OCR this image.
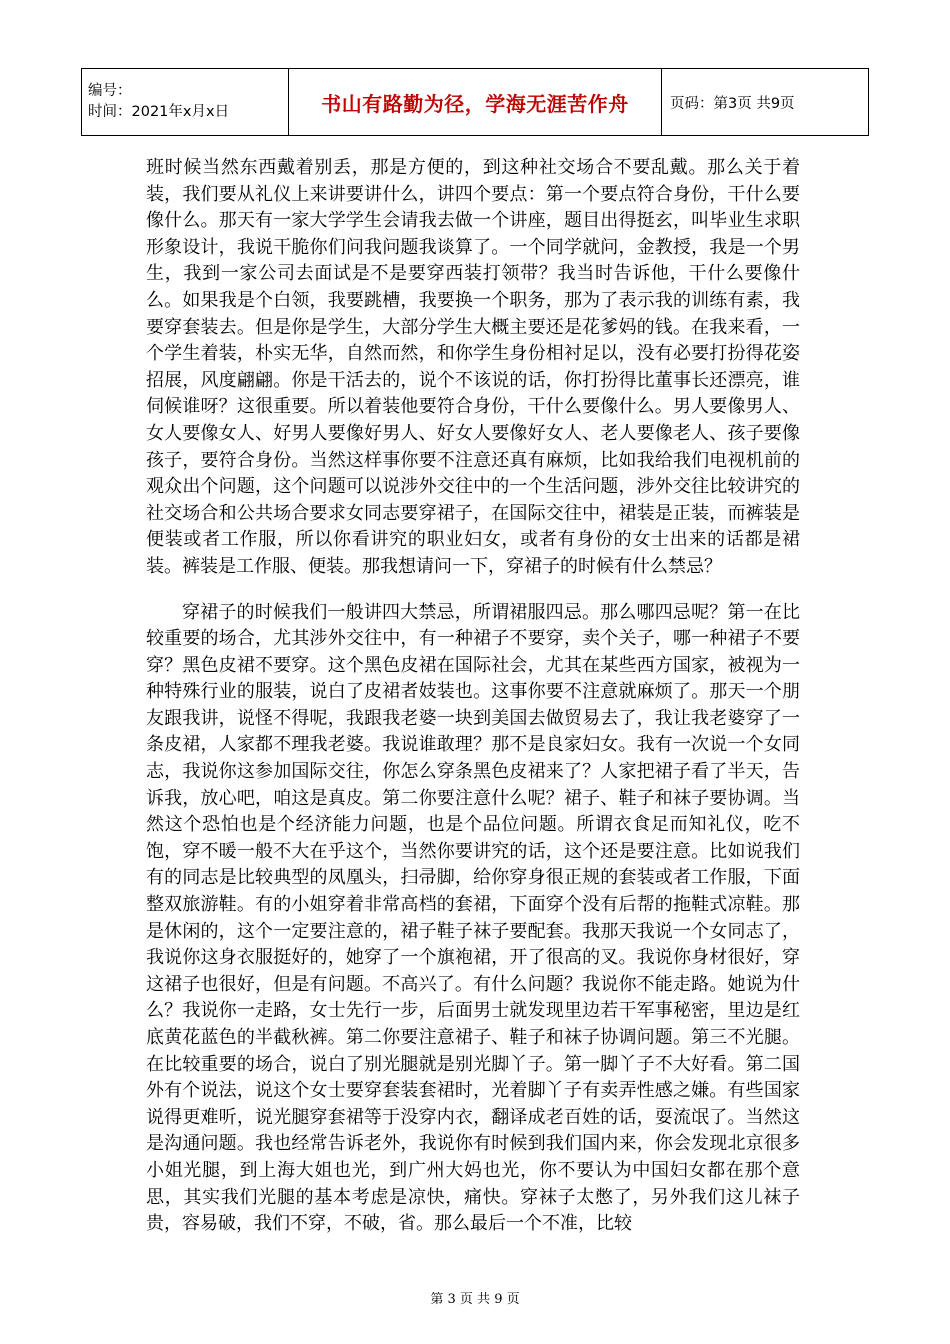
编号：
时间：2021年x月x日	书山有路勤为径，学海无涯苦作舟	页码：第3页 共9页

班时候当然东西戴着别丢，那是方便的，到这种社交场合不要乱戴。那么关于着装，我们要从礼仪上来讲要讲什么，讲四个要点：第一个要点符合身份，干什么要像什么。那天有一家大学学生会请我去做一个讲座，题目出得挺玄，叫毕业生求职形象设计，我说干脆你们问我问题我谈算了。一个同学就问，金教授，我是一个男生，我到一家公司去面试是不是要穿西装打领带？我当时告诉他，干什么要像什么。如果我是个白领，我要跳槽，我要换一个职务，那为了表示我的训练有素，我要穿套装去。但是你是学生，大部分学生大概主要还是花爹妈的钱。在我来看，一个学生着装，朴实无华，自然而然，和你学生身份相衬足以，没有必要打扮得花姿招展，风度翩翩。你是干活去的，说个不该说的话，你打扮得比董事长还漂亮，谁伺候谁呀？这很重要。所以着装他要符合身份，干什么要像什么。男人要像男人、女人要像女人、好男人要像好男人、好女人要像好女人、老人要像老人、孩子要像孩子，要符合身份。当然这样事你要不注意还真有麻烦，比如我给我们电视机前的观众出个问题，这个问题可以说涉外交往中的一个生活问题，涉外交往比较讲究的社交场合和公共场合要求女同志要穿裙子，在国际交往中，裙装是正装，而裤装是便装或者工作服，所以你看讲究的职业妇女，或者有身份的女士出来的话都是裙装。裤装是工作服、便装。那我想请问一下，穿裙子的时候有什么禁忌？

穿裙子的时候我们一般讲四大禁忌，所谓裙服四忌。那么哪四忌呢？第一在比较重要的场合，尤其涉外交往中，有一种裙子不要穿，卖个关子，哪一种裙子不要穿？黑色皮裙不要穿。这个黑色皮裙在国际社会，尤其在某些西方国家，被视为一种特殊行业的服装，说白了皮裙者妓装也。这事你要不注意就麻烦了。那天一个朋友跟我讲，说怪不得呢，我跟我老婆一块到美国去做贸易去了，我让我老婆穿了一条皮裙，人家都不理我老婆。我说谁敢理？那不是良家妇女。我有一次说一个女同志，我说你这参加国际交往，你怎么穿条黑色皮裙来了？人家把裙子看了半天，告诉我，放心吧，咱这是真皮。第二你要注意什么呢？裙子、鞋子和袜子要协调。当然这个恐怕也是个经济能力问题，也是个品位问题。所谓衣食足而知礼仪，吃不饱，穿不暖一般不大在乎这个，当然你要讲究的话，这个还是要注意。比如说我们有的同志是比较典型的凤凰头，扫帚脚，给你穿身很正规的套装或者工作服，下面整双旅游鞋。有的小姐穿着非常高档的套裙，下面穿个没有后帮的拖鞋式凉鞋。那是休闲的，这个一定要注意的，裙子鞋子袜子要配套。我那天我说一个女同志了，我说你这身衣服挺好的，她穿了一个旗袍裙，开了很高的叉。我说你身材很好，穿这裙子也很好，但是有问题。不高兴了。有什么问题？我说你不能走路。她说为什么？我说你一走路，女士先行一步，后面男士就发现里边若干军事秘密，里边是红底黄花蓝色的半截秋裤。第二你要注意裙子、鞋子和袜子协调问题。第三不光腿。在比较重要的场合，说白了别光腿就是别光脚丫子。第一脚丫子不大好看。第二国外有个说法，说这个女士要穿套装套裙时，光着脚丫子有卖弄性感之嫌。有些国家说得更难听，说光腿穿套裙等于没穿内衣，翻译成老百姓的话，耍流氓了。当然这是沟通问题。我也经常告诉老外，我说你有时候到我们国内来，你会发现北京很多小姐光腿，到上海大姐也光，到广州大妈也光，你不要认为中国妇女都在那个意思，其实我们光腿的基本考虑是凉快，痛快。穿袜子太憋了，另外我们这儿袜子贵，容易破，我们不穿，不破，省。那么最后一个不准，比较

第 3 页 共 9 页
